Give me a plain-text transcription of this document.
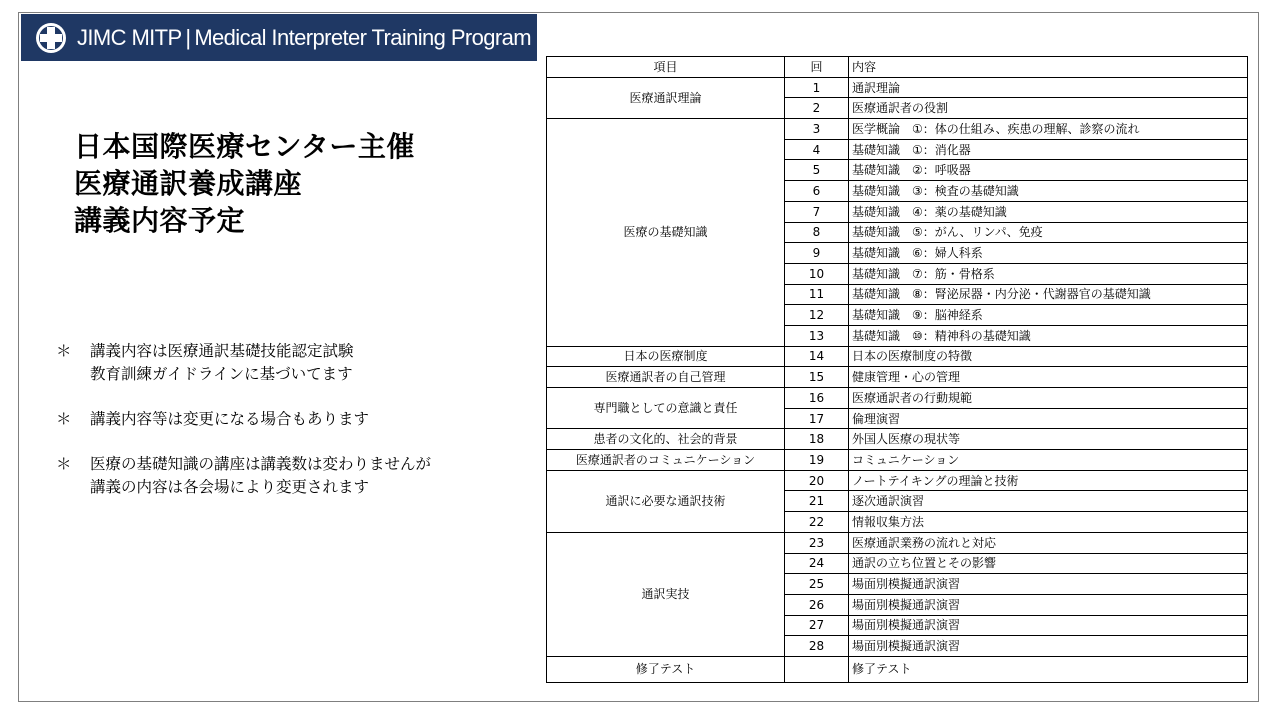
JIMC MITP | Medical Interpreter Training Program
日本国際医療センター主催
医療通訳養成講座
講義内容予定
＊	講義内容は医療通訳基礎技能認定試験
教育訓練ガイドラインに基づいてます
＊	講義内容等は変更になる場合もあります
＊	医療の基礎知識の講座は講義数は変わりませんが
講義の内容は各会場により変更されます
項目	回	内容
医療通訳理論	1	通訳理論
	2	医療通訳者の役割
医療の基礎知識	3	医学概論　①：体の仕組み、疾患の理解、診察の流れ
	4	基礎知識　①：消化器
	5	基礎知識　②：呼吸器
	6	基礎知識　③：検査の基礎知識
	7	基礎知識　④：薬の基礎知識
	8	基礎知識　⑤：がん、リンパ、免疫
	9	基礎知識　⑥：婦人科系
	10	基礎知識　⑦：筋・骨格系
	11	基礎知識　⑧：腎泌尿器・内分泌・代謝器官の基礎知識
	12	基礎知識　⑨：脳神経系
	13	基礎知識　⑩：精神科の基礎知識
日本の医療制度	14	日本の医療制度の特徴
医療通訳者の自己管理	15	健康管理・心の管理
専門職としての意識と責任	16	医療通訳者の行動規範
	17	倫理演習
患者の文化的、社会的背景	18	外国人医療の現状等
医療通訳者のコミュニケーション	19	コミュニケーション
通訳に必要な通訳技術	20	ノートテイキングの理論と技術
	21	逐次通訳演習
	22	情報収集方法
通訳実技	23	医療通訳業務の流れと対応
	24	通訳の立ち位置とその影響
	25	場面別模擬通訳演習
	26	場面別模擬通訳演習
	27	場面別模擬通訳演習
	28	場面別模擬通訳演習
修了テスト		修了テスト
